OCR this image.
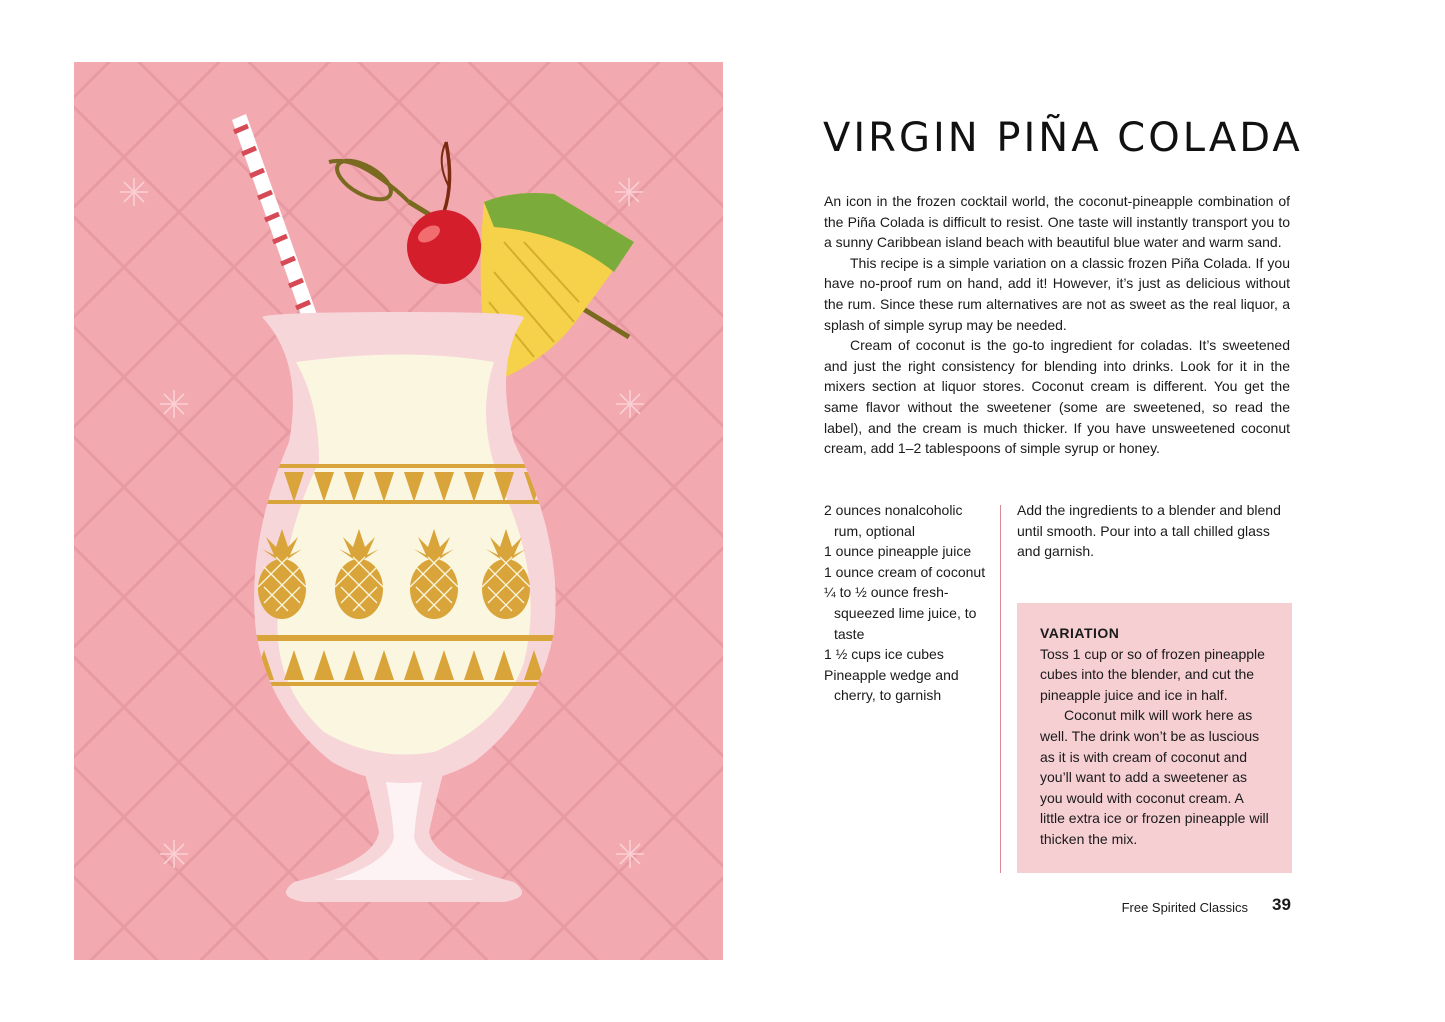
VIRGIN PIÑA COLADA

An icon in the frozen cocktail world, the coconut-pineapple combination of the Piña Colada is difficult to resist. One taste will instantly transport you to a sunny Caribbean island beach with beautiful blue water and warm sand.

This recipe is a simple variation on a classic frozen Piña Colada. If you have no-proof rum on hand, add it! However, it’s just as delicious without the rum. Since these rum alternatives are not as sweet as the real liquor, a splash of simple syrup may be needed.

Cream of coconut is the go-to ingredient for coladas. It’s sweetened and just the right consistency for blending into drinks. Look for it in the mixers section at liquor stores. Coconut cream is different. You get the same flavor without the sweetener (some are sweetened, so read the label), and the cream is much thicker. If you have unsweetened coconut cream, add 1–2 tablespoons of simple syrup or honey.

2 ounces nonalcoholic rum, optional
1 ounce pineapple juice
1 ounce cream of coconut
¼ to ½ ounce fresh-squeezed lime juice, to taste
1 ½ cups ice cubes
Pineapple wedge and cherry, to garnish

Add the ingredients to a blender and blend until smooth. Pour into a tall chilled glass and garnish.

VARIATION

Toss 1 cup or so of frozen pineapple cubes into the blender, and cut the pineapple juice and ice in half.

Coconut milk will work here as well. The drink won’t be as luscious as it is with cream of coconut and you’ll want to add a sweetener as you would with coconut cream. A little extra ice or frozen pineapple will thicken the mix.

Free Spirited Classics 39
